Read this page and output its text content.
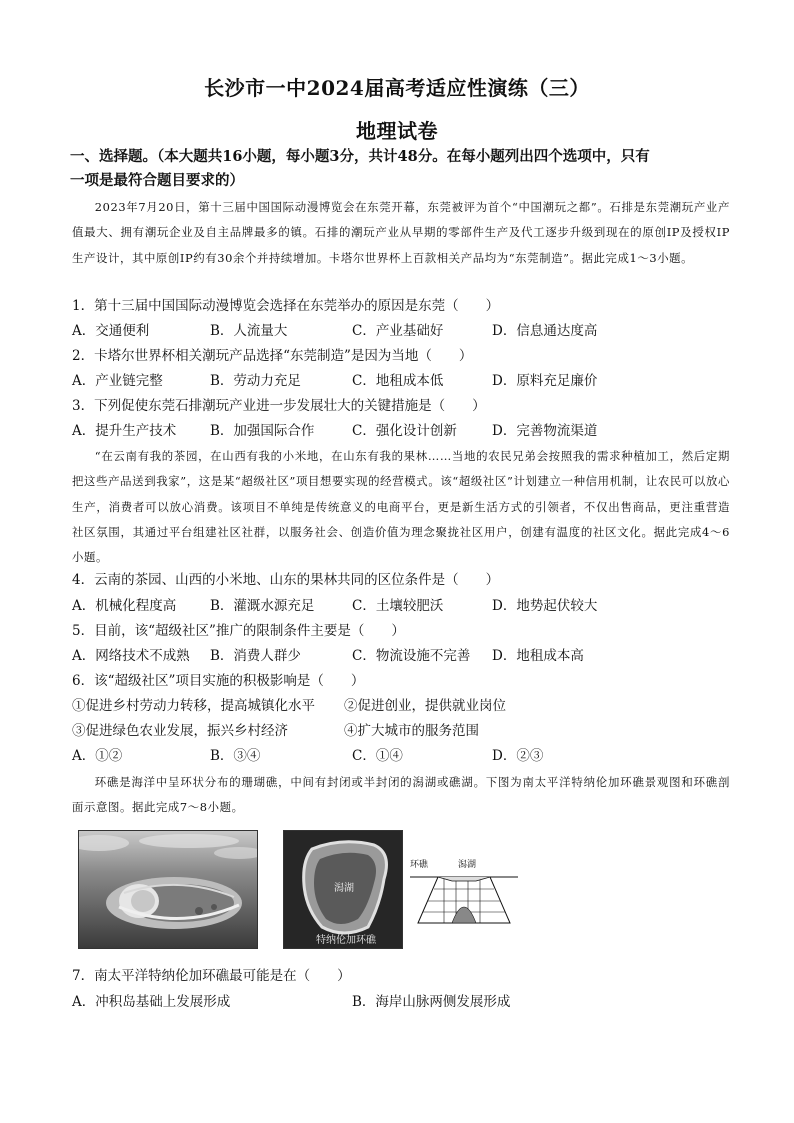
长沙市一中2024届高考适应性演练（三）
地理试卷
一、选择题。（本大题共16小题，每小题3分，共计48分。在每小题列出四个选项中，只有
一项是最符合题目要求的）
2023年7月20日，第十三届中国国际动漫博览会在东莞开幕，东莞被评为首个“中国潮玩之都”。石排是东莞潮玩产业产值最大、拥有潮玩企业及自主品牌最多的镇。石排的潮玩产业从早期的零部件生产及代工逐步升级到现在的原创IP及授权IP生产设计，其中原创IP约有30余个并持续增加。卡塔尔世界杯上百款相关产品均为“东莞制造”。据此完成1～3小题。
1．第十三届中国国际动漫博览会选择在东莞举办的原因是东莞（　　）
A．交通便利	B．人流量大	C．产业基础好	D．信息通达度高
2．卡塔尔世界杯相关潮玩产品选择“东莞制造”是因为当地（　　）
A．产业链完整	B．劳动力充足	C．地租成本低	D．原料充足廉价
3．下列促使东莞石排潮玩产业进一步发展壮大的关键措施是（　　）
A．提升生产技术	B．加强国际合作	C．强化设计创新	D．完善物流渠道
“在云南有我的茶园，在山西有我的小米地，在山东有我的果林……当地的农民兄弟会按照我的需求种植加工，然后定期把这些产品送到我家”，这是某“超级社区”项目想要实现的经营模式。该“超级社区”计划建立一种信用机制，让农民可以放心生产，消费者可以放心消费。该项目不单纯是传统意义的电商平台，更是新生活方式的引领者，不仅出售商品，更注重营造社区氛围，其通过平台组建社区社群，以服务社会、创造价值为理念聚拢社区用户，创建有温度的社区文化。据此完成4～6小题。
4．云南的茶园、山西的小米地、山东的果林共同的区位条件是（　　）
A．机械化程度高	B．灌溉水源充足	C．土壤较肥沃	D．地势起伏较大
5．目前，该“超级社区”推广的限制条件主要是（　　）
A．网络技术不成熟 B．消费人群少	C．物流设施不完善 D．地租成本高
6．该“超级社区”项目实施的积极影响是（　　）
①促进乡村劳动力转移，提高城镇化水平 ②促进创业，提供就业岗位
③促进绿色农业发展，振兴乡村经济	④扩大城市的服务范围
A．①②	B．③④	C．①④	D．②③
环礁是海洋中呈环状分布的珊瑚礁，中间有封闭或半封闭的潟湖或礁湖。下图为南太平洋特纳伦加环礁景观图和环礁剖面示意图。据此完成7～8小题。
潟湖
特纳伦加环礁
环礁	潟湖
7．南太平洋特纳伦加环礁最可能是在（　　）
A．冲积岛基础上发展形成	B．海岸山脉两侧发展形成
